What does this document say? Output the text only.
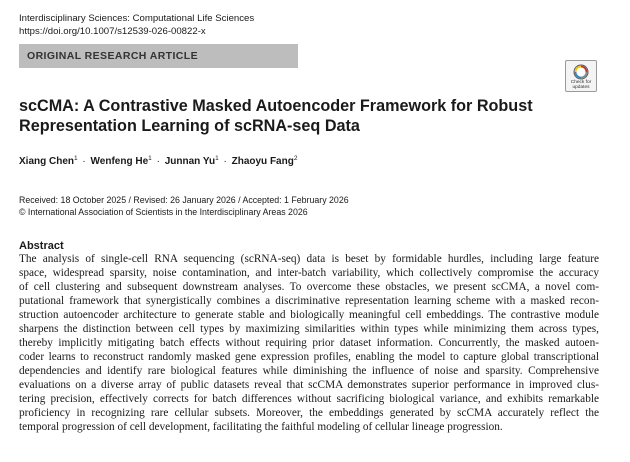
Interdisciplinary Sciences: Computational Life Sciences
https://doi.org/10.1007/s12539-026-00822-x
ORIGINAL RESEARCH ARTICLE
Check for
updates
scCMA: A Contrastive Masked Autoencoder Framework for Robust
Representation Learning of scRNA-seq Data
Xiang Chen$^1$ · Wenfeng $He^1$ · Junnan $Yu^1$ · Zhaoyu Fang$^2$
Received: 18 October 2025 / Revised: 26 January 2026 / Accepted: 1 February 2026
© International Association of Scientists in the Interdisciplinary Areas 2026
Abstract
The analysis of single-cell RNA sequencing (scRNA-seq) data is beset by formidable hurdles, including large feature
space, widespread sparsity, noise contamination, and inter-batch variability, which collectively compromise the accuracy
of cell clustering and subsequent downstream analyses. To overcome these obstacles, we present scCMA, a novel com-
putational framework that synergistically combines a discriminative representation learning scheme with a masked recon-
struction autoencoder architecture to generate stable and biologically meaningful cell embeddings. The contrastive module
sharpens the distinction between cell types by maximizing similarities within types while minimizing them across types,
thereby implicitly mitigating batch effects without requiring prior dataset information. Concurrently, the masked autoen-
coder learns to reconstruct randomly masked gene expression profiles, enabling the model to capture global transcriptional
dependencies and identify rare biological features while diminishing the influence of noise and sparsity. Comprehensive
evaluations on a diverse array of public datasets reveal that scCMA demonstrates superior performance in improved clus-
tering precision, effectively corrects for batch differences without sacrificing biological variance, and exhibits remarkable
proficiency in recognizing rare cellular subsets. Moreover, the embeddings generated by scCMA accurately reflect the
temporal progression of cell development, facilitating the faithful modeling of cellular lineage progression.
